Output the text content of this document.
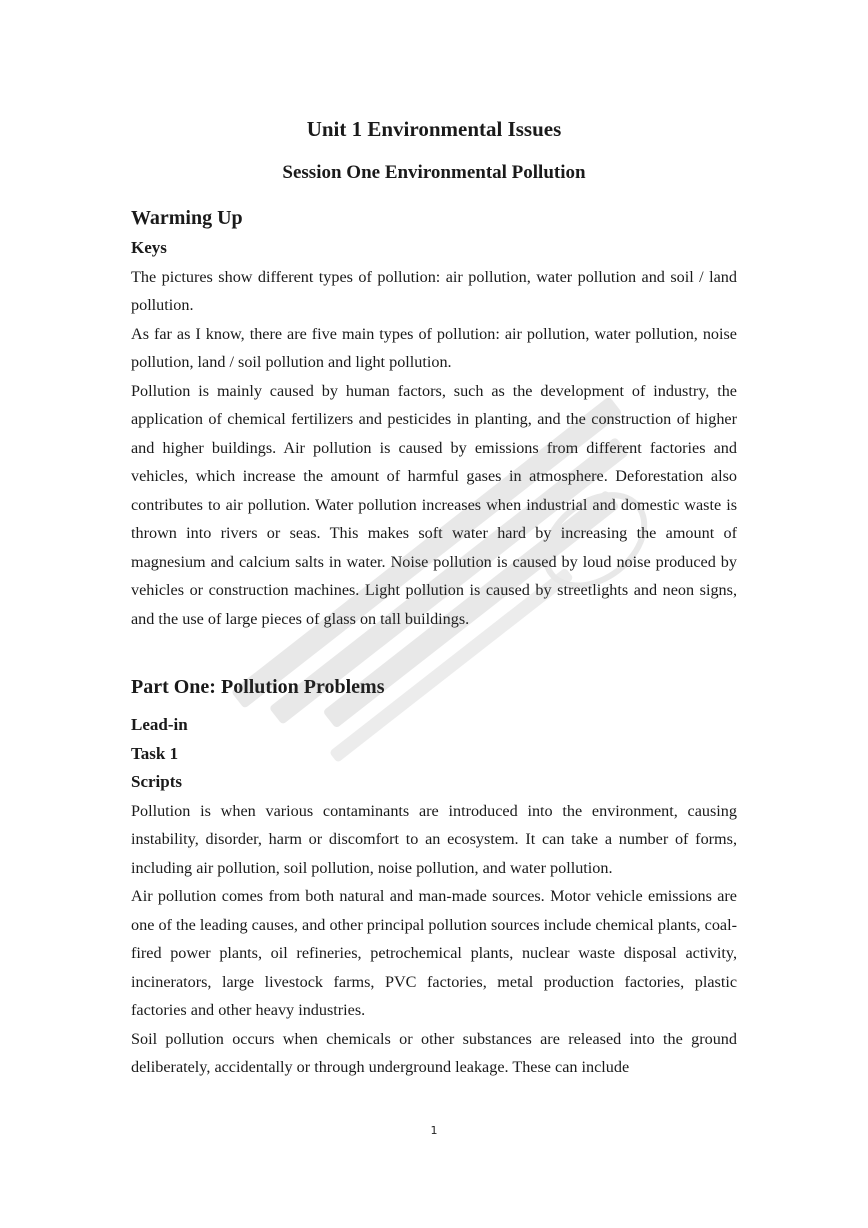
Unit 1 Environmental Issues
Session One Environmental Pollution
Warming Up
Keys

The pictures show different types of pollution: air pollution, water pollution and soil / land pollution.

As far as I know, there are five main types of pollution: air pollution, water pollution, noise pollution, land / soil pollution and light pollution.

Pollution is mainly caused by human factors, such as the development of industry, the application of chemical fertilizers and pesticides in planting, and the construction of higher and higher buildings. Air pollution is caused by emissions from different factories and vehicles, which increase the amount of harmful gases in atmosphere. Deforestation also contributes to air pollution. Water pollution increases when industrial and domestic waste is thrown into rivers or seas. This makes soft water hard by increasing the amount of magnesium and calcium salts in water. Noise pollution is caused by loud noise produced by vehicles or construction machines. Light pollution is caused by streetlights and neon signs, and the use of large pieces of glass on tall buildings.

Part One: Pollution Problems
Lead-in
Task 1
Scripts

Pollution is when various contaminants are introduced into the environment, causing instability, disorder, harm or discomfort to an ecosystem. It can take a number of forms, including air pollution, soil pollution, noise pollution, and water pollution.

Air pollution comes from both natural and man-made sources. Motor vehicle emissions are one of the leading causes, and other principal pollution sources include chemical plants, coal-fired power plants, oil refineries, petrochemical plants, nuclear waste disposal activity, incinerators, large livestock farms, PVC factories, metal production factories, plastic factories and other heavy industries.

Soil pollution occurs when chemicals or other substances are released into the ground deliberately, accidentally or through underground leakage. These can include

1
